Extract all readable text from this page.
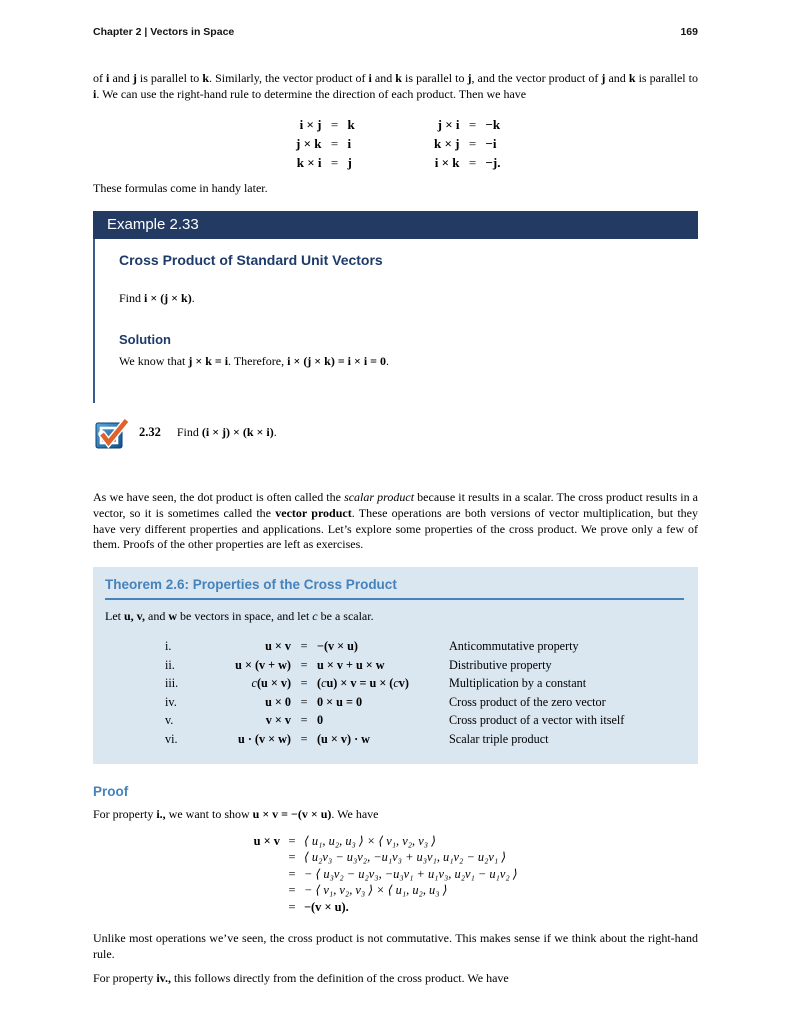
Chapter 2 | Vectors in Space	169

of i and j is parallel to k. Similarly, the vector product of i and k is parallel to j, and the vector product of j and k is parallel to i. We can use the right-hand rule to determine the direction of each product. Then we have

i × j = k	j × i = −k
j × k = i	k × j = −i
k × i = j	i × k = −j.

These formulas come in handy later.

Example 2.33
Cross Product of Standard Unit Vectors

Find i × (j × k).

Solution

We know that j × k = i. Therefore, i × (j × k) = i × i = 0.

2.32 Find (i × j) × (k × i).

As we have seen, the dot product is often called the scalar product because it results in a scalar. The cross product results in a vector, so it is sometimes called the vector product. These operations are both versions of vector multiplication, but they have very different properties and applications. Let’s explore some properties of the cross product. We prove only a few of them. Proofs of the other properties are left as exercises.

Theorem 2.6: Properties of the Cross Product

Let u, v, and w be vectors in space, and let c be a scalar.

i.	u × v = −(v × u)	Anticommutative property
ii.	u × (v + w) = u × v + u × w	Distributive property
iii.	c(u × v) = (cu) × v = u × (cv)	Multiplication by a constant
iv.	u × 0 = 0 × u = 0	Cross product of the zero vector
v.	v × v = 0	Cross product of a vector with itself
vi.	u · (v × w) = (u × v) · w	Scalar triple product
Proof

For property i., we want to show u × v = −(v × u). We have

u × v = ⟨ u₁, u₂, u₃ ⟩ × ⟨ v₁, v₂, v₃ ⟩
= ⟨ u₂v₃ − u₃v₂, −u₁v₃ + u₃v₁, u₁v₂ − u₂v₁ ⟩
= − ⟨ u₃v₂ − u₂v₃, −u₃v₁ + u₁v₃, u₂v₁ − u₁v₂ ⟩
= − ⟨ v₁, v₂, v₃ ⟩ × ⟨ u₁, u₂, u₃ ⟩
= −(v × u).

Unlike most operations we’ve seen, the cross product is not commutative. This makes sense if we think about the right-hand rule.

For property iv., this follows directly from the definition of the cross product. We have
